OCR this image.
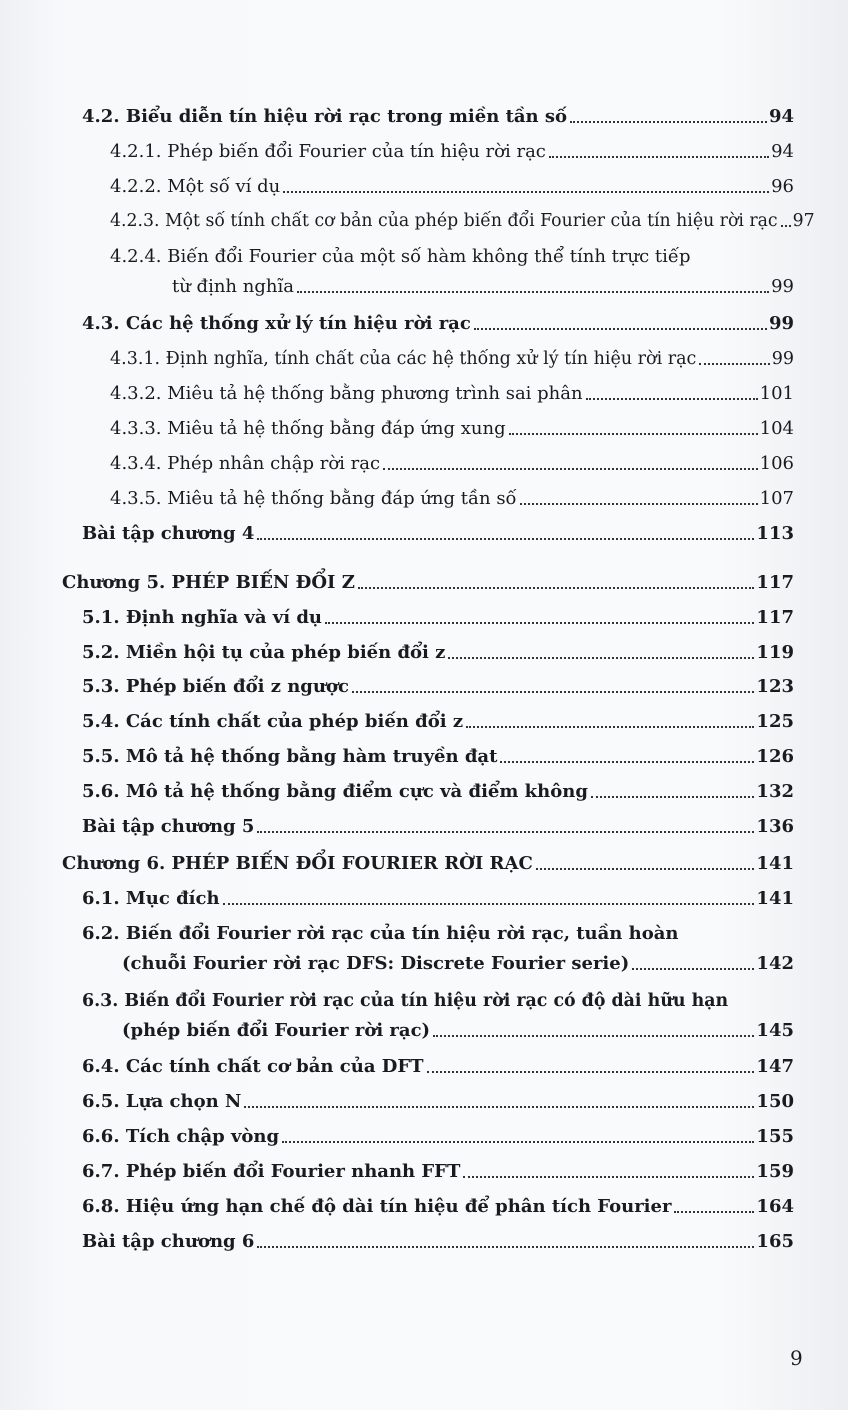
4.2. Biểu diễn tín hiệu rời rạc trong miền tần số	94
4.2.1. Phép biến đổi Fourier của tín hiệu rời rạc	94
4.2.2. Một số ví dụ	96
4.2.3. Một số tính chất cơ bản của phép biến đổi Fourier của tín hiệu rời rạc 97
4.2.4. Biến đổi Fourier của một số hàm không thể tính trực tiếp
từ định nghĩa	99
4.3. Các hệ thống xử lý tín hiệu rời rạc	99
4.3.1. Định nghĩa, tính chất của các hệ thống xử lý tín hiệu rời rạc	99
4.3.2. Miêu tả hệ thống bằng phương trình sai phân	101
4.3.3. Miêu tả hệ thống bằng đáp ứng xung	104
4.3.4. Phép nhân chập rời rạc	106
4.3.5. Miêu tả hệ thống bằng đáp ứng tần số	107
Bài tập chương 4	113
Chương 5. PHÉP BIẾN ĐỔI Z	117
5.1. Định nghĩa và ví dụ	117
5.2. Miền hội tụ của phép biến đổi z	119
5.3. Phép biến đổi z ngược	123
5.4. Các tính chất của phép biến đổi z	125
5.5. Mô tả hệ thống bằng hàm truyền đạt	126
5.6. Mô tả hệ thống bằng điểm cực và điểm không	132
Bài tập chương 5	136
Chương 6. PHÉP BIẾN ĐỔI FOURIER RỜI RẠC	141
6.1. Mục đích	141
6.2. Biến đổi Fourier rời rạc của tín hiệu rời rạc, tuần hoàn
(chuỗi Fourier rời rạc DFS: Discrete Fourier serie)	142
6.3. Biến đổi Fourier rời rạc của tín hiệu rời rạc có độ dài hữu hạn
(phép biến đổi Fourier rời rạc)	145
6.4. Các tính chất cơ bản của DFT	147
6.5. Lựa chọn N	150
6.6. Tích chập vòng	155
6.7. Phép biến đổi Fourier nhanh FFT	159
6.8. Hiệu ứng hạn chế độ dài tín hiệu để phân tích Fourier	164
Bài tập chương 6	165
9
